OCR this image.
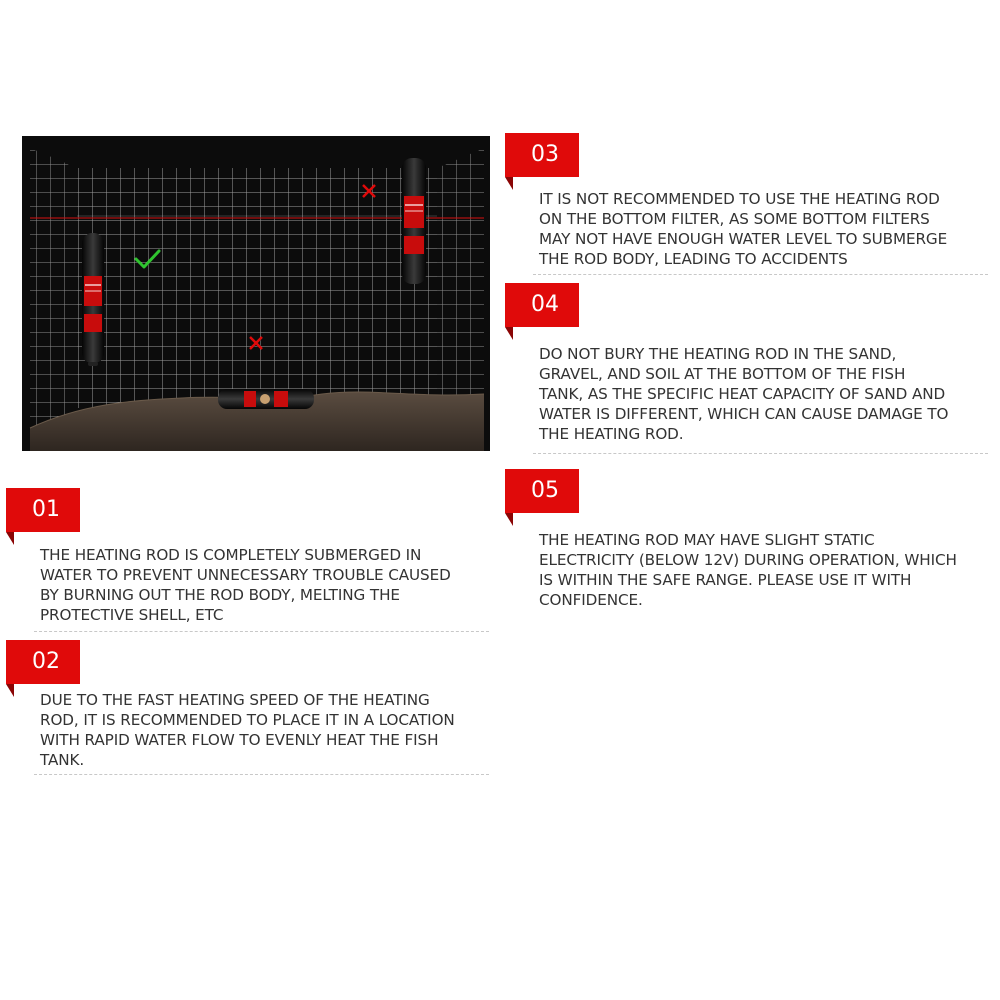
03
IT IS NOT RECOMMENDED TO USE THE HEATING ROD
ON THE BOTTOM FILTER, AS SOME BOTTOM FILTERS
MAY NOT HAVE ENOUGH WATER LEVEL TO SUBMERGE
THE ROD BODY, LEADING TO ACCIDENTS
04
DO NOT BURY THE HEATING ROD IN THE SAND,
GRAVEL, AND SOIL AT THE BOTTOM OF THE FISH
TANK, AS THE SPECIFIC HEAT CAPACITY OF SAND AND
WATER IS DIFFERENT, WHICH CAN CAUSE DAMAGE TO
THE HEATING ROD.
05
THE HEATING ROD MAY HAVE SLIGHT STATIC
ELECTRICITY (BELOW 12V) DURING OPERATION, WHICH
IS WITHIN THE SAFE RANGE. PLEASE USE IT WITH
CONFIDENCE.
01
THE HEATING ROD IS COMPLETELY SUBMERGED IN
WATER TO PREVENT UNNECESSARY TROUBLE CAUSED
BY BURNING OUT THE ROD BODY, MELTING THE
PROTECTIVE SHELL, ETC
02
DUE TO THE FAST HEATING SPEED OF THE HEATING
ROD, IT IS RECOMMENDED TO PLACE IT IN A LOCATION
WITH RAPID WATER FLOW TO EVENLY HEAT THE FISH
TANK.
